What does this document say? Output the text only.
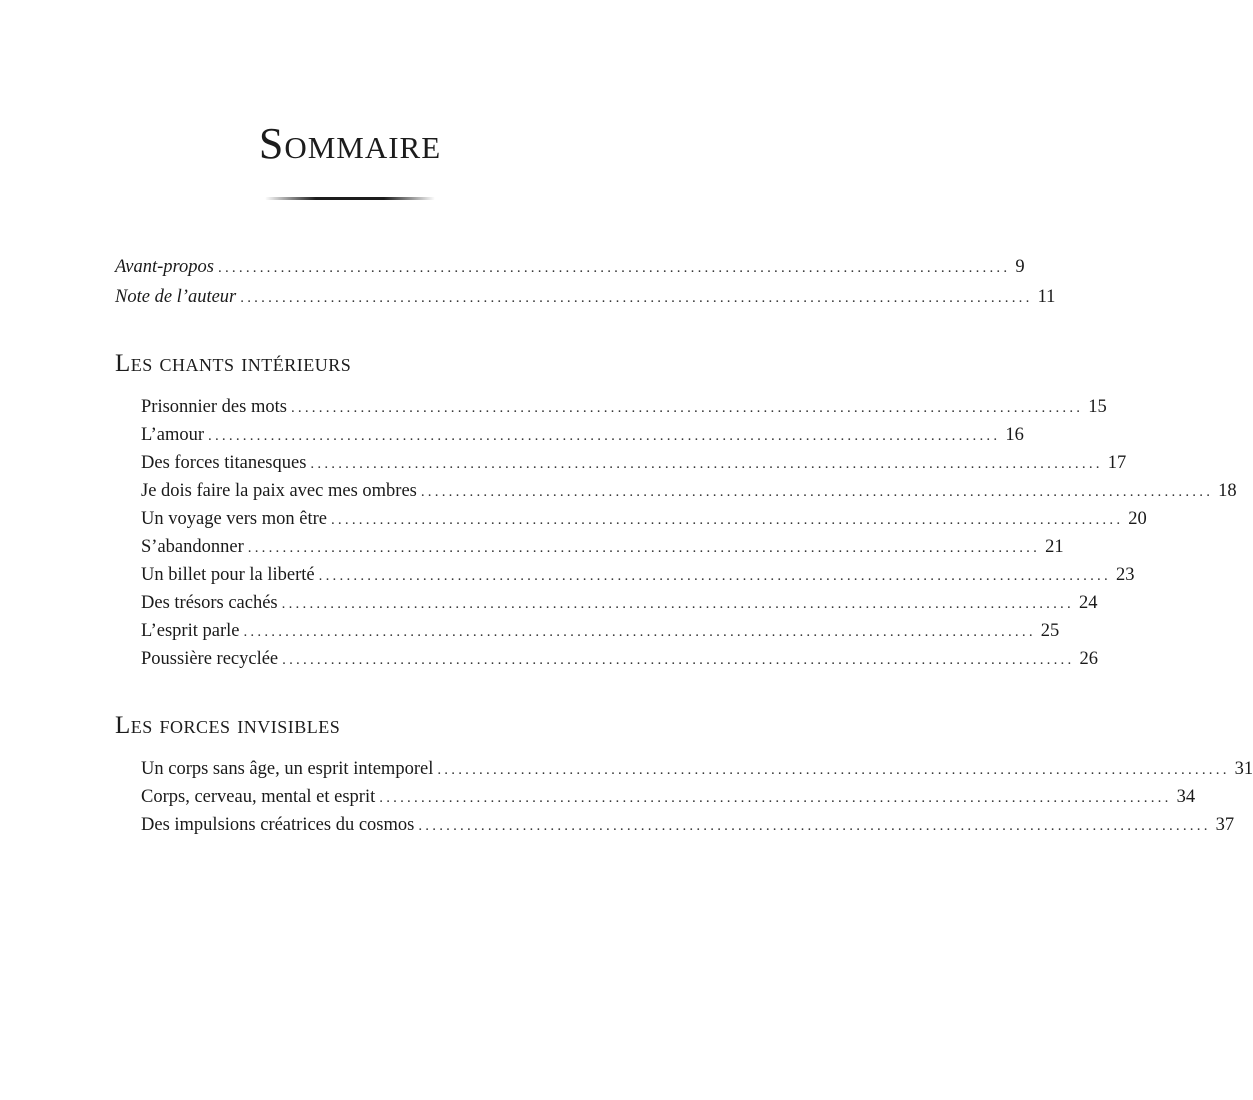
Sommaire
Avant-propos .................................................................................................................. 9
Note de l’auteur .................................................................................................................. 11
Les chants intérieurs
Prisonnier des mots .................................................................................................................. 15
L’amour .................................................................................................................. 16
Des forces titanesques .................................................................................................................. 17
Je dois faire la paix avec mes ombres .................................................................................................................. 18
Un voyage vers mon être .................................................................................................................. 20
S’abandonner .................................................................................................................. 21
Un billet pour la liberté .................................................................................................................. 23
Des trésors cachés .................................................................................................................. 24
L’esprit parle .................................................................................................................. 25
Poussière recyclée .................................................................................................................. 26
Les forces invisibles
Un corps sans âge, un esprit intemporel .................................................................................................................. 31
Corps, cerveau, mental et esprit .................................................................................................................. 34
Des impulsions créatrices du cosmos .................................................................................................................. 37
